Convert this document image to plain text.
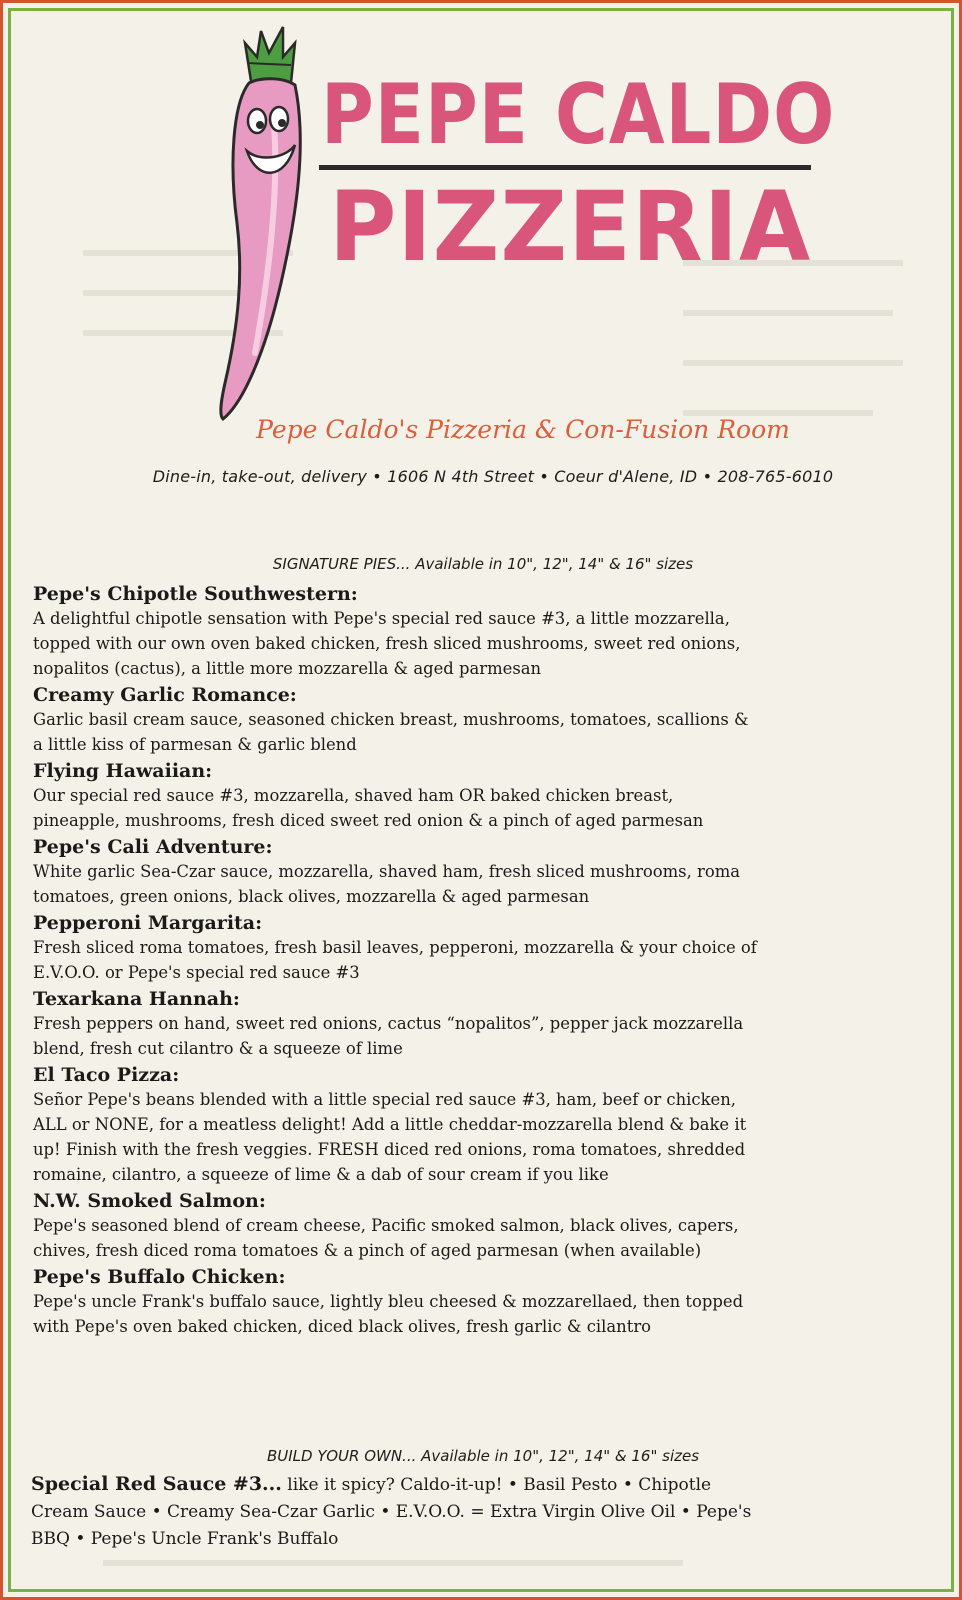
PEPE CALDO
PIZZERIA
Pepe Caldo's Pizzeria & Con-Fusion Room
Dine-in, take-out, delivery • 1606 N 4th Street • Coeur d'Alene, ID • 208-765-6010
SIGNATURE PIES... Available in 10", 12", 14" & 16" sizes
Pepe's Chipotle Southwestern:
A delightful chipotle sensation with Pepe's special red sauce #3, a little mozzarella,
topped with our own oven baked chicken, fresh sliced mushrooms, sweet red onions,
nopalitos (cactus), a little more mozzarella & aged parmesan
Creamy Garlic Romance:
Garlic basil cream sauce, seasoned chicken breast, mushrooms, tomatoes, scallions &
a little kiss of parmesan & garlic blend
Flying Hawaiian:
Our special red sauce #3, mozzarella, shaved ham OR baked chicken breast,
pineapple, mushrooms, fresh diced sweet red onion & a pinch of aged parmesan
Pepe's Cali Adventure:
White garlic Sea-Czar sauce, mozzarella, shaved ham, fresh sliced mushrooms, roma
tomatoes, green onions, black olives, mozzarella & aged parmesan
Pepperoni Margarita:
Fresh sliced roma tomatoes, fresh basil leaves, pepperoni, mozzarella & your choice of
E.V.O.O. or Pepe's special red sauce #3
Texarkana Hannah:
Fresh peppers on hand, sweet red onions, cactus “nopalitos”, pepper jack mozzarella
blend, fresh cut cilantro & a squeeze of lime
El Taco Pizza:
Señor Pepe's beans blended with a little special red sauce #3, ham, beef or chicken,
ALL or NONE, for a meatless delight! Add a little cheddar-mozzarella blend & bake it
up! Finish with the fresh veggies. FRESH diced red onions, roma tomatoes, shredded
romaine, cilantro, a squeeze of lime & a dab of sour cream if you like
N.W. Smoked Salmon:
Pepe's seasoned blend of cream cheese, Pacific smoked salmon, black olives, capers,
chives, fresh diced roma tomatoes & a pinch of aged parmesan (when available)
Pepe's Buffalo Chicken:
Pepe's uncle Frank's buffalo sauce, lightly bleu cheesed & mozzarellaed, then topped
with Pepe's oven baked chicken, diced black olives, fresh garlic & cilantro
BUILD YOUR OWN... Available in 10", 12", 14" & 16" sizes
Special Red Sauce #3... like it spicy? Caldo-it-up! • Basil Pesto • Chipotle
Cream Sauce • Creamy Sea-Czar Garlic • E.V.O.O. = Extra Virgin Olive Oil • Pepe's
BBQ • Pepe's Uncle Frank's Buffalo
